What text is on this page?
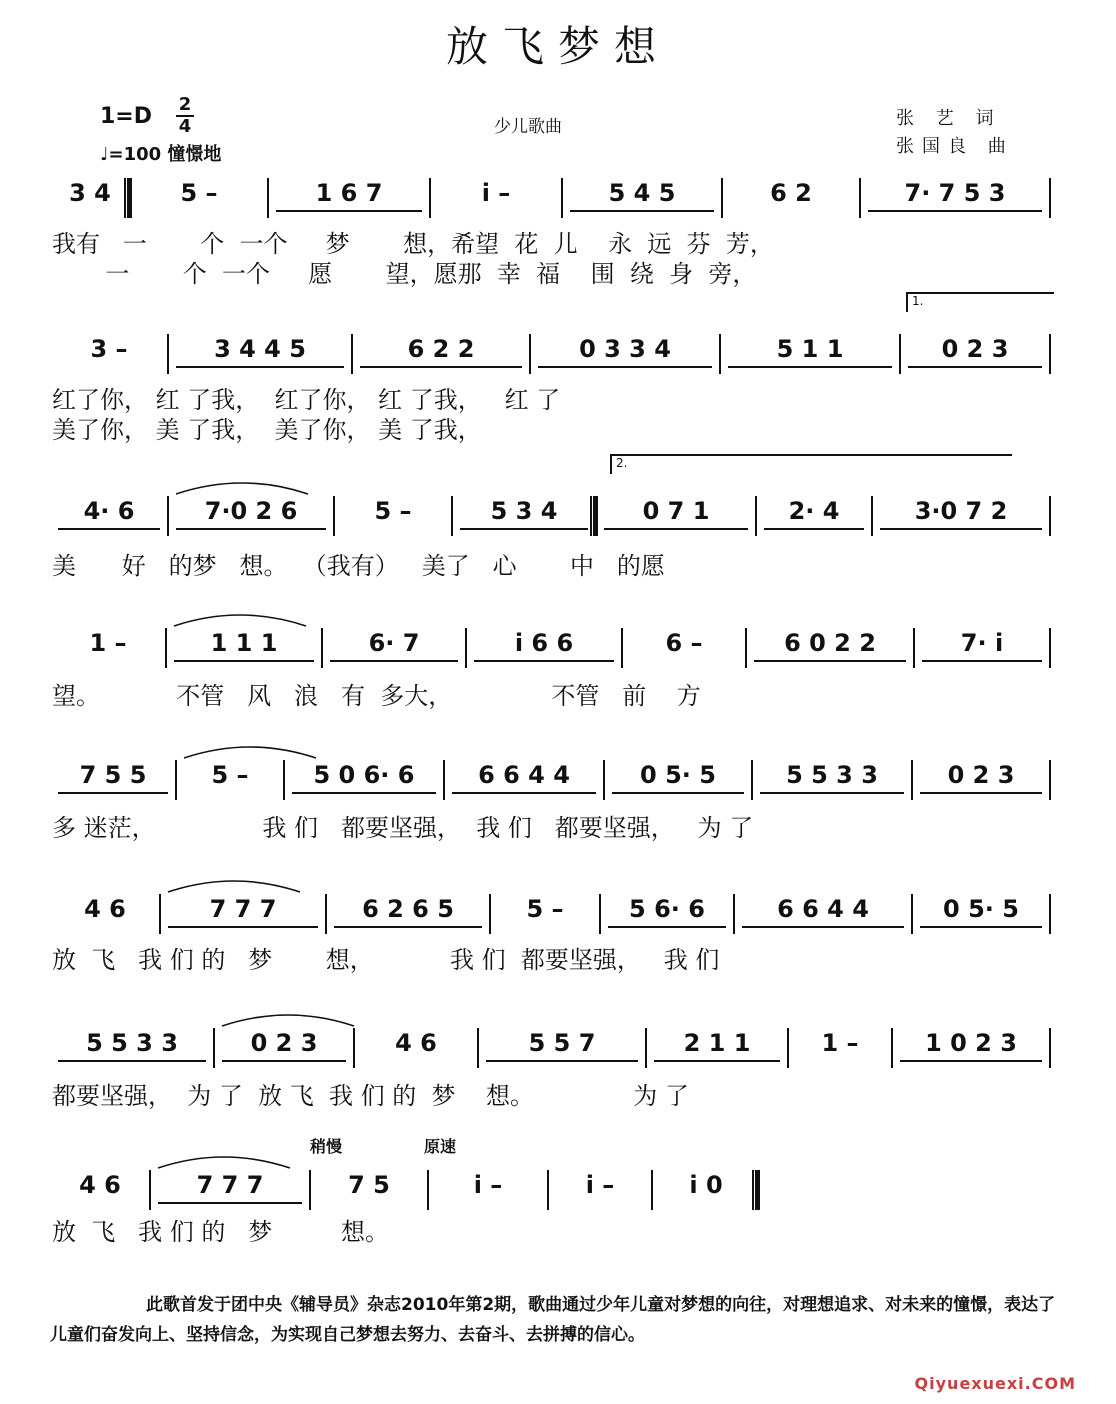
放飞梦想
1=D 2
4
♩=100 憧憬地
少儿歌曲	张 艺 词
张国良 曲
3 4	5 –	1 6 7	i –	5 4 5	6 2	7· 7 5 3
我有   一       个  一个     梦       想，希望  花  儿    永  远  芬  芳，
一       个  一个     愿       望，愿那  幸  福    围  绕  身  旁，
3 –	3 4 4 5	6 2 2	0 3 3 4	5 1 1	0 2 3
1.
红了你， 红 了我，  红了你， 红 了我，   红 了
美了你， 美 了我，  美了你， 美 了我，
4· 6	7·0 2 6	5 –	5 3 4	0 7 1	2· 4	3·0 7 2
2.
美      好   的梦   想。  （我有）   美了   心       中   的愿
1 –	1 1 1	6· 7	i 6 6	6 –	6 0 2 2	7· i
望。          不管   风   浪   有  多大，             不管   前    方
7 5 5	5 –	5 0 6· 6	6 6 4 4	0 5· 5	5 5 3 3	0 2 3
多 迷茫，              我 们   都要坚强，  我 们   都要坚强，   为 了
4 6	7 7 7	6 2 6 5	5 –	5 6· 6	6 6 4 4	0 5· 5
放  飞   我 们 的   梦       想，          我 们  都要坚强，   我 们
5 5 3 3	0 2 3	4 6	5 5 7	2 1 1	1 –	1 0 2 3
都要坚强，  为 了  放 飞  我 们 的  梦    想。             为 了
4 6	7 7 7	7 5	i –	i –	i 0
稍慢	原速
放  飞   我 们 的   梦         想。
此歌首发于团中央《辅导员》杂志2010年第2期，歌曲通过少年儿童对梦想的向往，对理想追求、对未来的憧憬，表达了儿童们奋发向上、坚持信念，为实现自己梦想去努力、去奋斗、去拼搏的信心。
Qiyuexuexi.COM
